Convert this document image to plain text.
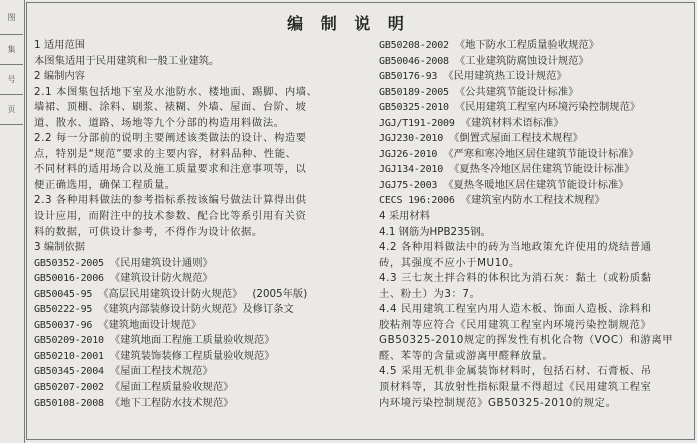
图
集
号
页
编 制 说 明
1 适用范围
本图集适用于民用建筑和一般工业建筑。
2 编制内容
2.1 本图集包括地下室及水池防水、楼地面、踢脚、内墙、
墙裙、顶棚、涂料、刷浆、裱糊、外墙、屋面、台阶、坡
道、散水、道路、场地等九个分部的构造用料做法。
2.2 每一分部前的说明主要阐述该类做法的设计、构造要
点，特别是“规范”要求的主要内容，材料品种、性能、
不同材料的适用场合以及施工质量要求和注意事项等，以
便正确选用，确保工程质量。
2.3 各种用料做法的参考指标系按该编号做法计算得出供
设计应用，而附注中的技术参数、配合比等系引用有关资
料的数据，可供设计参考，不得作为设计依据。
3 编制依据
GB50352-2005 《民用建筑设计通则》
GB50016-2006 《建筑设计防火规范》
GB50045-95 《高层民用建筑设计防火规范》 (2005年版)
GB50222-95 《建筑内部装修设计防火规范》及修订条文
GB50037-96 《建筑地面设计规范》
GB50209-2010 《建筑地面工程施工质量验收规范》
GB50210-2001 《建筑装饰装修工程质量验收规范》
GB50345-2004 《屋面工程技术规范》
GB50207-2002 《屋面工程质量验收规范》
GB50108-2008 《地下工程防水技术规范》
GB50208-2002 《地下防水工程质量验收规范》
GB50046-2008 《工业建筑防腐蚀设计规范》
GB50176-93 《民用建筑热工设计规范》
GB50189-2005 《公共建筑节能设计标准》
GB50325-2010 《民用建筑工程室内环境污染控制规范》
JGJ/T191-2009 《建筑材料术语标准》
JGJ230-2010 《倒置式屋面工程技术规程》
JGJ26-2010 《严寒和寒冷地区居住建筑节能设计标准》
JGJ134-2010 《夏热冬冷地区居住建筑节能设计标准》
JGJ75-2003 《夏热冬暖地区居住建筑节能设计标准》
CECS 196:2006 《建筑室内防水工程技术规程》
4 采用材料
4.1 钢筋为HPB235钢。
4.2 各种用料做法中的砖为当地政策允许使用的烧结普通
砖，其强度不应小于MU10。
4.3 三七灰土拌合料的体积比为消石灰：黏土（或粉质黏
土、粉土）为3：7。
4.4 民用建筑工程室内用人造木板、饰面人造板、涂料和
胶粘剂等应符合《民用建筑工程室内环境污染控制规范》
GB50325-2010规定的挥发性有机化合物（VOC）和游离甲
醛、苯等的含量或游离甲醛释放量。
4.5 采用无机非金属装饰材料时，包括石材、石膏板、吊
顶材料等，其放射性指标限量不得超过《民用建筑工程室
内环境污染控制规范》GB50325-2010的规定。
